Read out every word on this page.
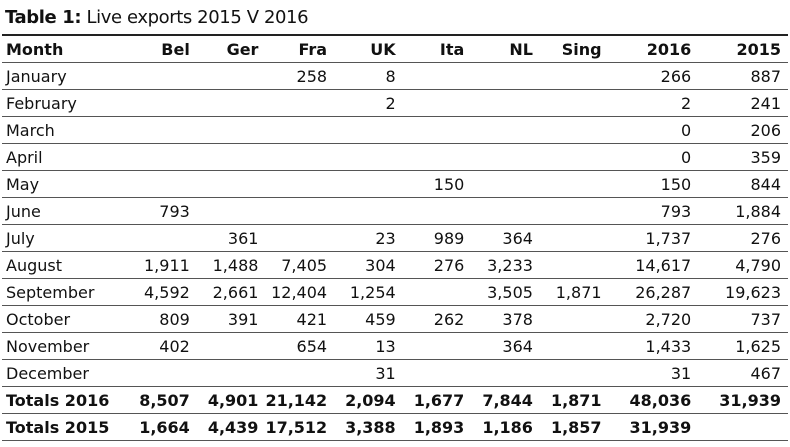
Table 1: Live exports 2015 V 2016
Month	Bel	Ger	Fra	UK	Ita	NL	Sing	2016	2015
January			258	8				266	887
February				2				2	241
March								0	206
April								0	359
May					150			150	844
June	793							793	1,884
July		361		23	989	364		1,737	276
August	1,911	1,488	7,405	304	276	3,233		14,617	4,790
September	4,592	2,661	12,404	1,254		3,505	1,871	26,287	19,623
October	809	391	421	459	262	378		2,720	737
November	402		654	13		364		1,433	1,625
December				31				31	467
Totals 2016	8,507	4,901	21,142	2,094	1,677	7,844	1,871	48,036	31,939
Totals 2015	1,664	4,439	17,512	3,388	1,893	1,186	1,857	31,939	
